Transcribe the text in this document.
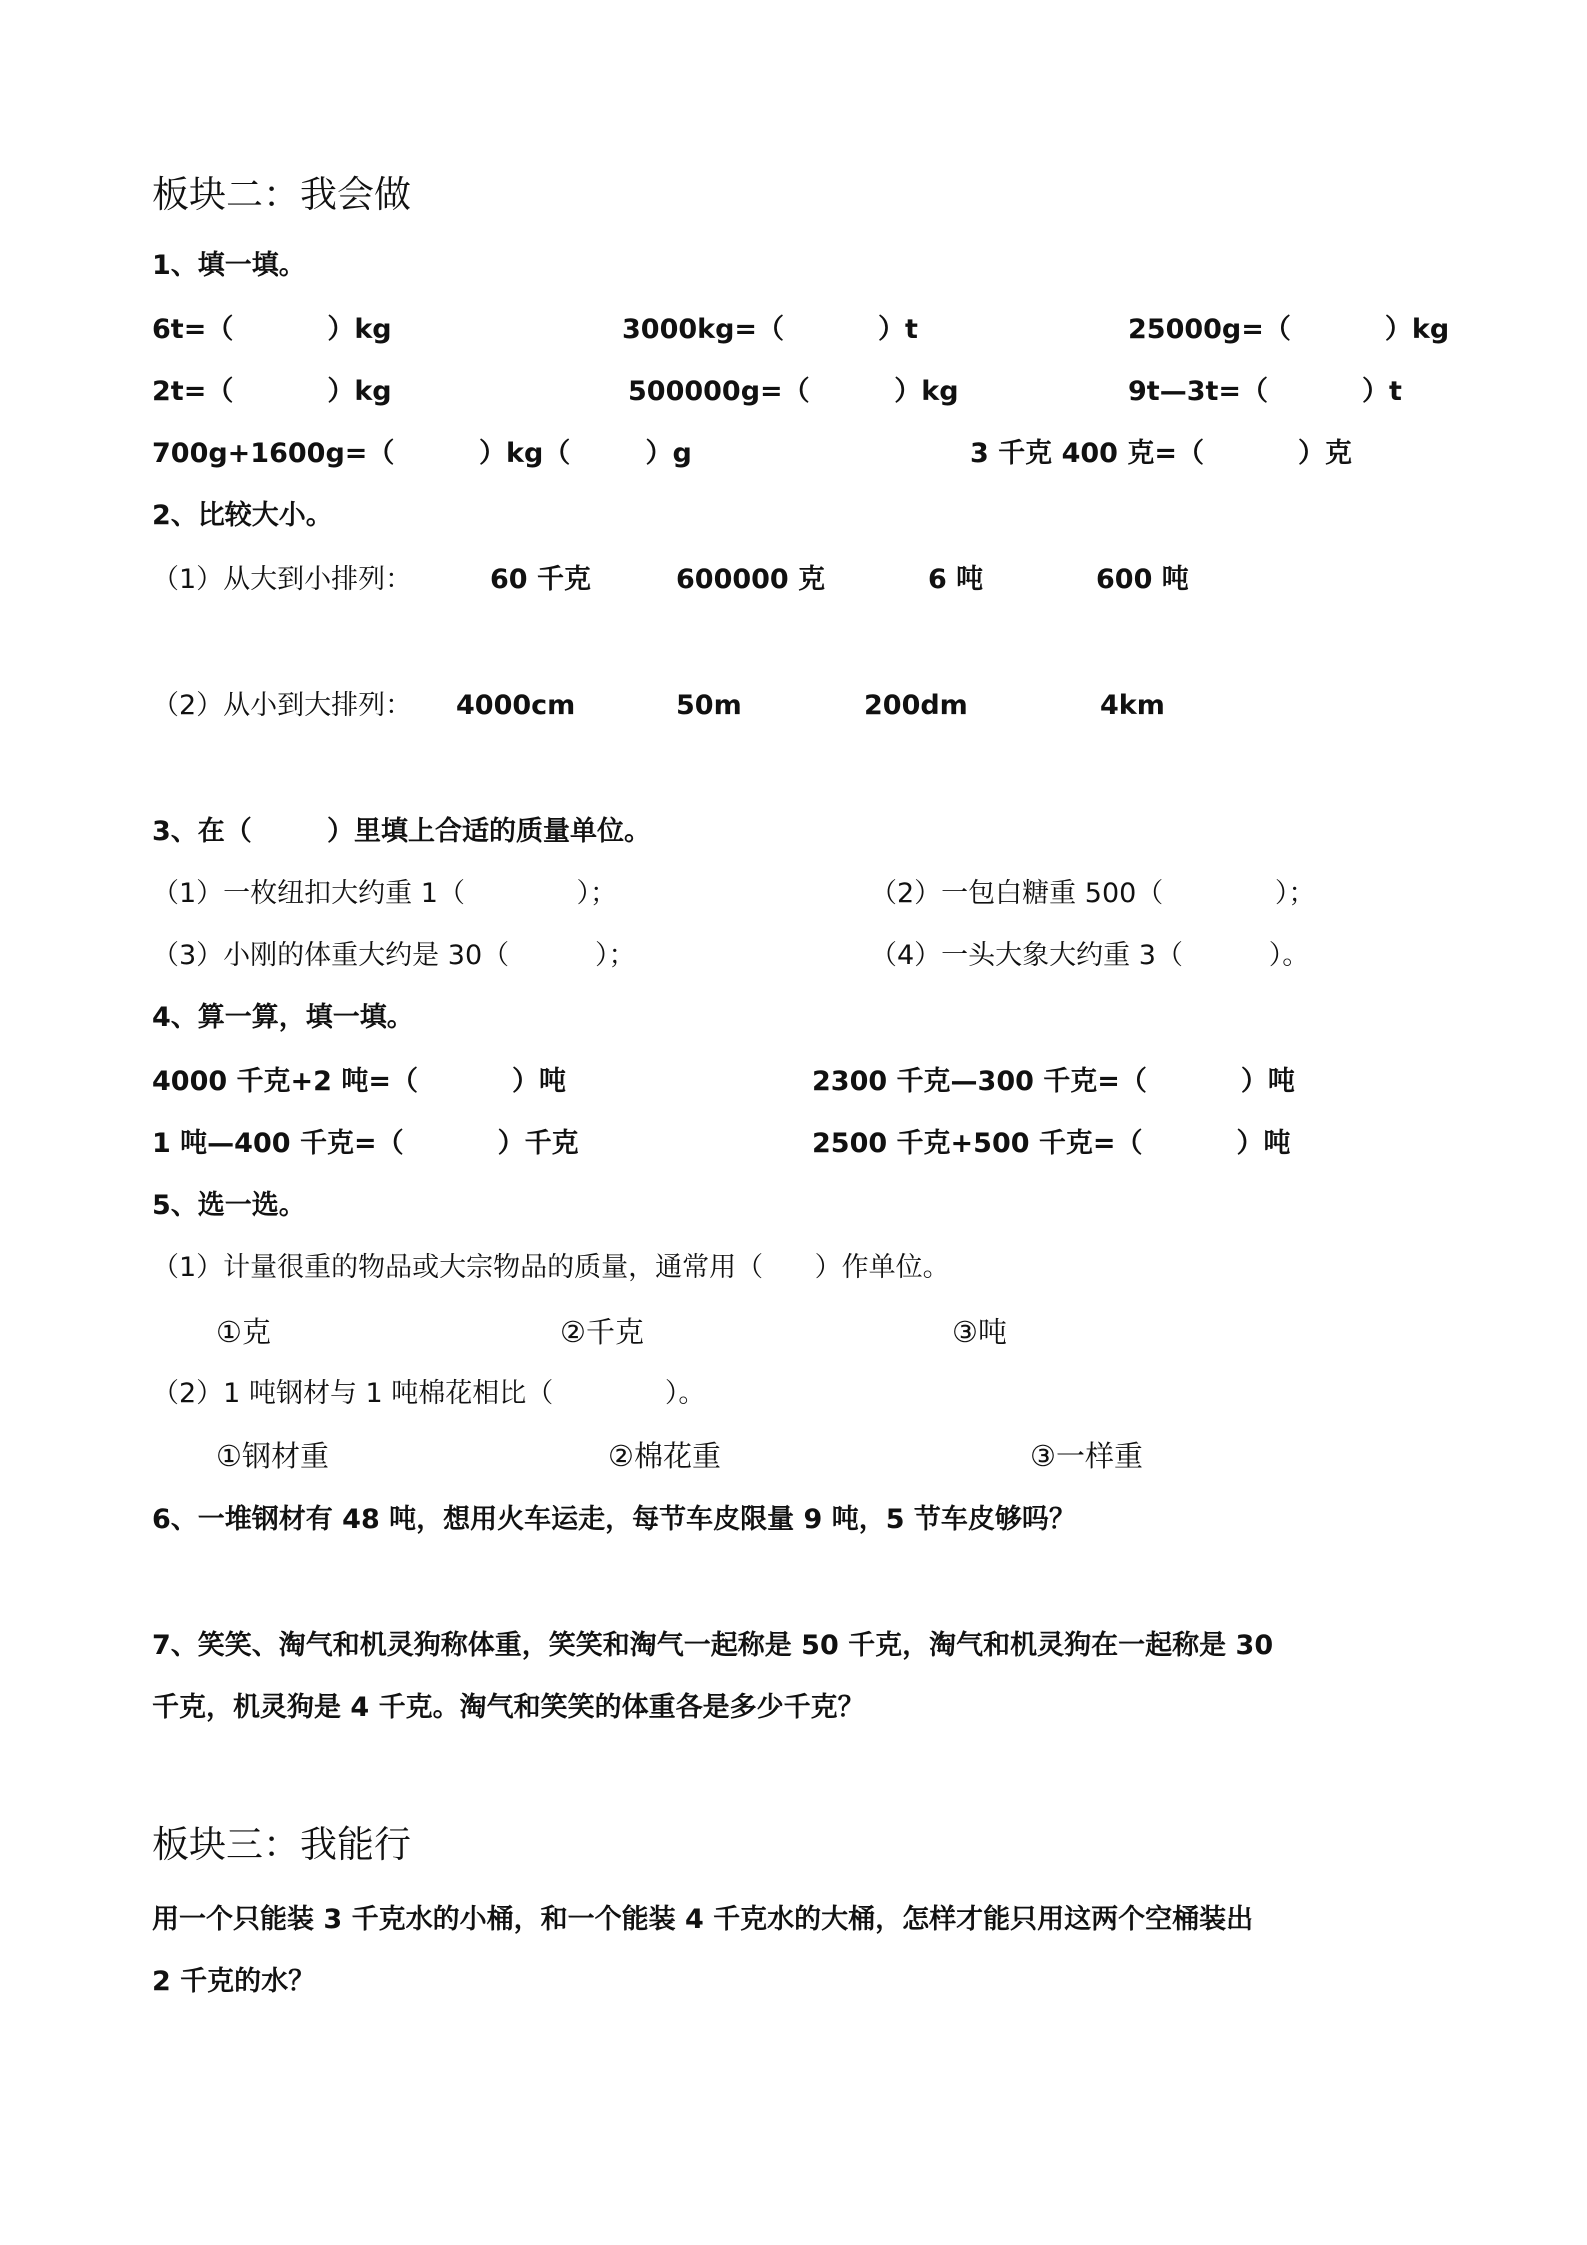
板块二：我会做
1、填一填。
6t=（          ）kg	3000kg=（          ）t	25000g=（          ）kg
2t=（          ）kg	500000g=（         ）kg	9t—3t=（          ）t
700g+1600g=（         ）kg（        ）g	3 千克 400 克=（          ）克
2、比较大小。
（1）从大到小排列：	60 千克	600000 克	6 吨	600 吨
（2）从小到大排列： 4000cm	50m	200dm	4km
3、在（        ）里填上合适的质量单位。
（1）一枚纽扣大约重 1（             ）；	（2）一包白糖重 500（             ）；
（3）小刚的体重大约是 30（          ）；	（4）一头大象大约重 3（          ）。
4、算一算，填一填。
4000 千克+2 吨=（          ）吨	2300 千克—300 千克=（          ）吨
1 吨—400 千克=（          ）千克	2500 千克+500 千克=（          ）吨
5、选一选。
（1）计量很重的物品或大宗物品的质量，通常用（      ）作单位。
①克	②千克	③吨
（2）1 吨钢材与 1 吨棉花相比（             ）。
①钢材重	②棉花重	③一样重
6、一堆钢材有 48 吨，想用火车运走，每节车皮限量 9 吨，5 节车皮够吗？
7、笑笑、淘气和机灵狗称体重，笑笑和淘气一起称是 50 千克，淘气和机灵狗在一起称是 30
千克，机灵狗是 4 千克。淘气和笑笑的体重各是多少千克？
板块三：我能行
用一个只能装 3 千克水的小桶，和一个能装 4 千克水的大桶，怎样才能只用这两个空桶装出
2 千克的水？
